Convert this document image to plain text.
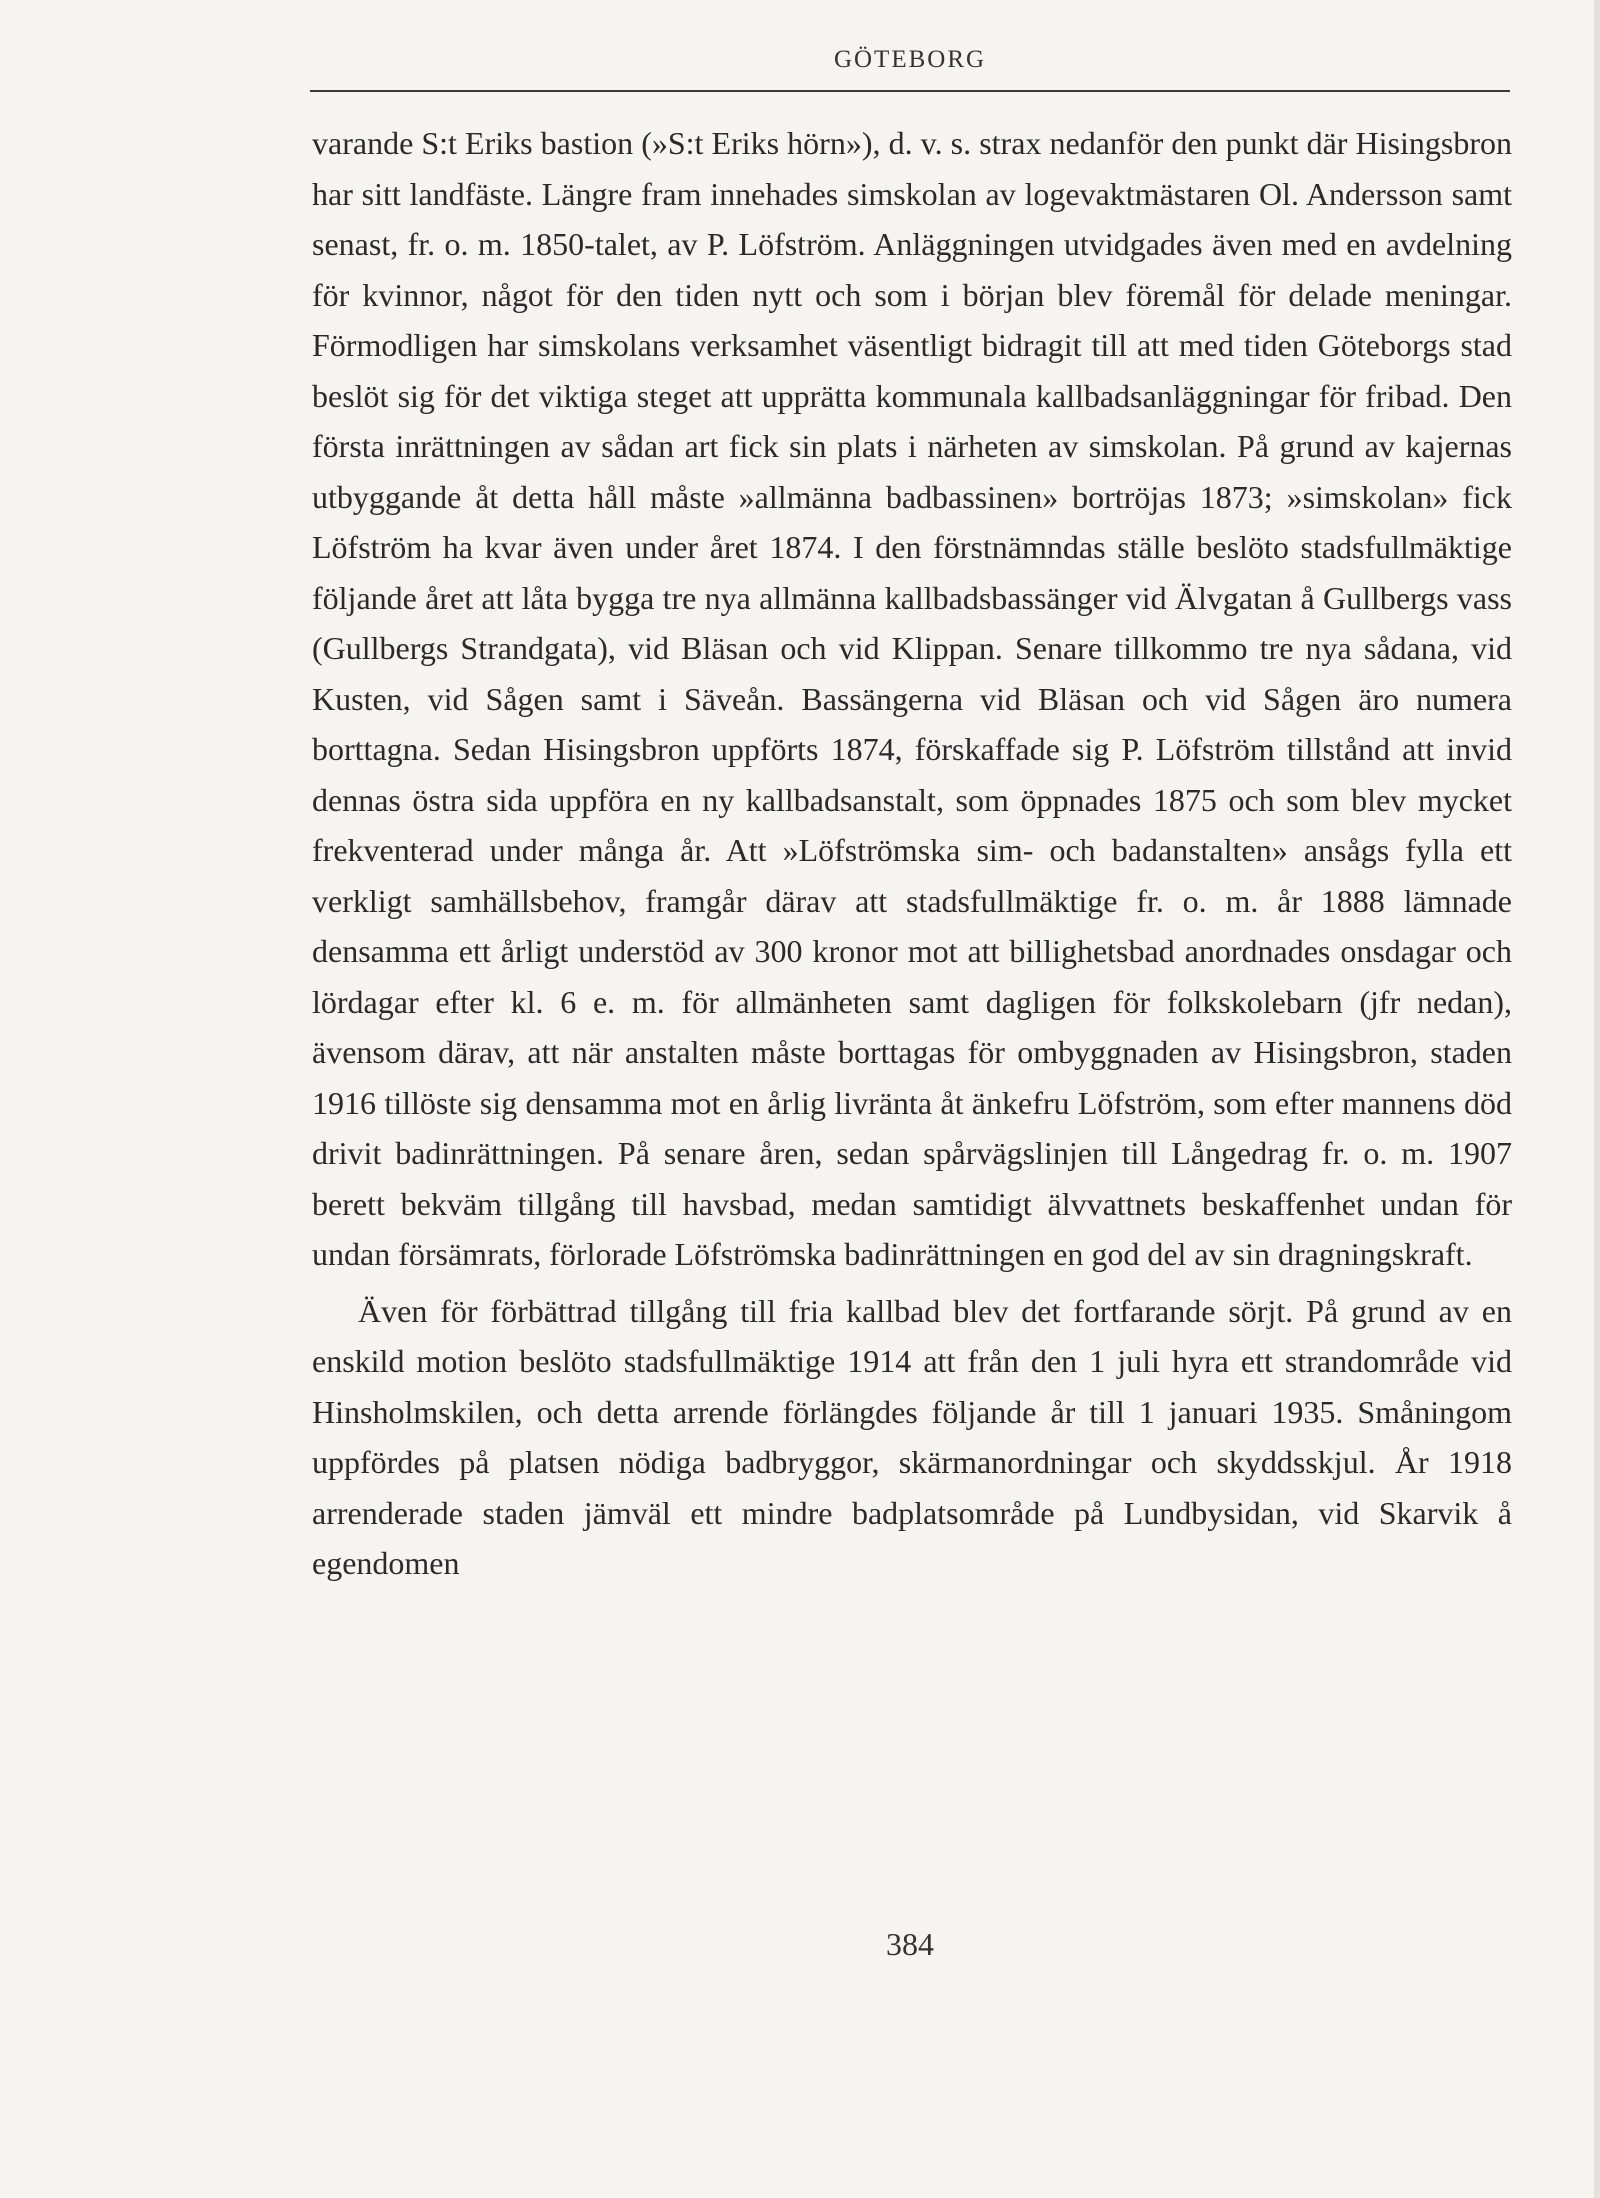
GÖTEBORG

varande S:t Eriks bastion (»S:t Eriks hörn»), d. v. s. strax nedanför den punkt där Hisingsbron har sitt landfäste. Längre fram innehades simskolan av logevaktmästaren Ol. Andersson samt senast, fr. o. m. 1850-talet, av P. Löfström. Anläggningen utvidgades även med en avdelning för kvinnor, något för den tiden nytt och som i början blev föremål för delade meningar. Förmodligen har simskolans verksamhet väsentligt bidragit till att med tiden Göteborgs stad beslöt sig för det viktiga steget att upprätta kommunala kallbadsanläggningar för fribad. Den första inrättningen av sådan art fick sin plats i närheten av simskolan. På grund av kajernas utbyggande åt detta håll måste »allmänna badbassinen» bortröjas 1873; »simskolan» fick Löfström ha kvar även under året 1874. I den förstnämndas ställe beslöto stadsfullmäktige följande året att låta bygga tre nya allmänna kallbadsbassänger vid Älvgatan å Gullbergs vass (Gullbergs Strandgata), vid Bläsan och vid Klippan. Senare tillkommo tre nya sådana, vid Kusten, vid Sågen samt i Säveån. Bassängerna vid Bläsan och vid Sågen äro numera borttagna. Sedan Hisingsbron uppförts 1874, förskaffade sig P. Löfström tillstånd att invid dennas östra sida uppföra en ny kallbadsanstalt, som öppnades 1875 och som blev mycket frekventerad under många år. Att »Löfströmska sim- och badanstalten» ansågs fylla ett verkligt samhällsbehov, framgår därav att stadsfullmäktige fr. o. m. år 1888 lämnade densamma ett årligt understöd av 300 kronor mot att billighetsbad anordnades onsdagar och lördagar efter kl. 6 e. m. för allmänheten samt dagligen för folkskolebarn (jfr nedan), ävensom därav, att när anstalten måste borttagas för ombyggnaden av Hisingsbron, staden 1916 tillöste sig densamma mot en årlig livränta åt änkefru Löfström, som efter mannens död drivit badinrättningen. På senare åren, sedan spårvägslinjen till Långedrag fr. o. m. 1907 berett bekväm tillgång till havsbad, medan samtidigt älvvattnets beskaffenhet undan för undan försämrats, förlorade Löfströmska badinrättningen en god del av sin dragningskraft.

Även för förbättrad tillgång till fria kallbad blev det fortfarande sörjt. På grund av en enskild motion beslöto stadsfullmäktige 1914 att från den 1 juli hyra ett strandområde vid Hinsholmskilen, och detta arrende förlängdes följande år till 1 januari 1935. Småningom uppfördes på platsen nödiga badbryggor, skärmanordningar och skyddsskjul. År 1918 arrenderade staden jämväl ett mindre badplatsområde på Lundbysidan, vid Skarvik å egendomen

384
